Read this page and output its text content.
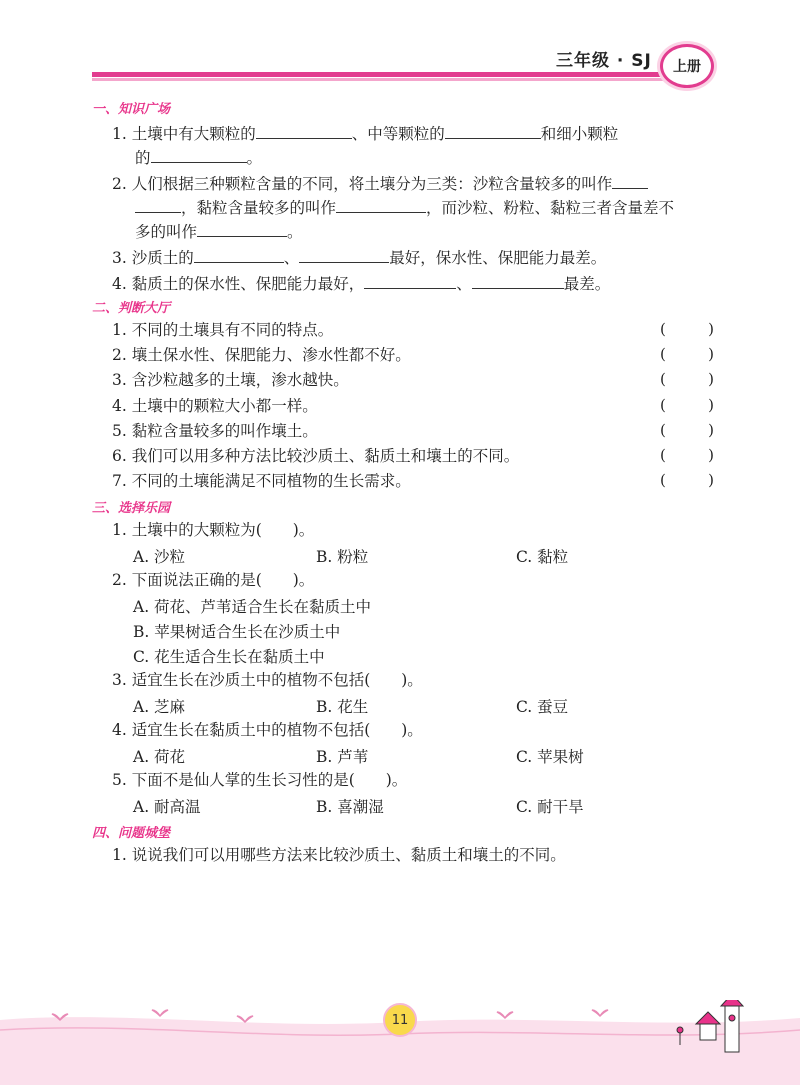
三年级 · SJ	上册
一、知识广场
1. 土壤中有大颗粒的	、中等颗粒的	和细小颗粒
的	。
2. 人们根据三种颗粒含量的不同，将土壤分为三类：沙粒含量较多的叫作
，黏粒含量较多的叫作	，而沙粒、粉粒、黏粒三者含量差不
多的叫作	。
3. 沙质土的	、	最好，保水性、保肥能力最差。
4. 黏质土的保水性、保肥能力最好，	、	最差。
二、判断大厅
1. 不同的土壤具有不同的特点。	(	)
2. 壤土保水性、保肥能力、渗水性都不好。	(	)
3. 含沙粒越多的土壤，渗水越快。	(	)
4. 土壤中的颗粒大小都一样。	(	)
5. 黏粒含量较多的叫作壤土。	(	)
6. 我们可以用多种方法比较沙质土、黏质土和壤土的不同。	(	)
7. 不同的土壤能满足不同植物的生长需求。	(	)
三、选择乐园
1. 土壤中的大颗粒为(　　)。
A. 沙粒	B. 粉粒	C. 黏粒
2. 下面说法正确的是(　　)。
A. 荷花、芦苇适合生长在黏质土中
B. 苹果树适合生长在沙质土中
C. 花生适合生长在黏质土中
3. 适宜生长在沙质土中的植物不包括(　　)。
A. 芝麻	B. 花生	C. 蚕豆
4. 适宜生长在黏质土中的植物不包括(　　)。
A. 荷花	B. 芦苇	C. 苹果树
5. 下面不是仙人掌的生长习性的是(　　)。
A. 耐高温	B. 喜潮湿	C. 耐干旱
四、问题城堡
1. 说说我们可以用哪些方法来比较沙质土、黏质土和壤土的不同。
11
